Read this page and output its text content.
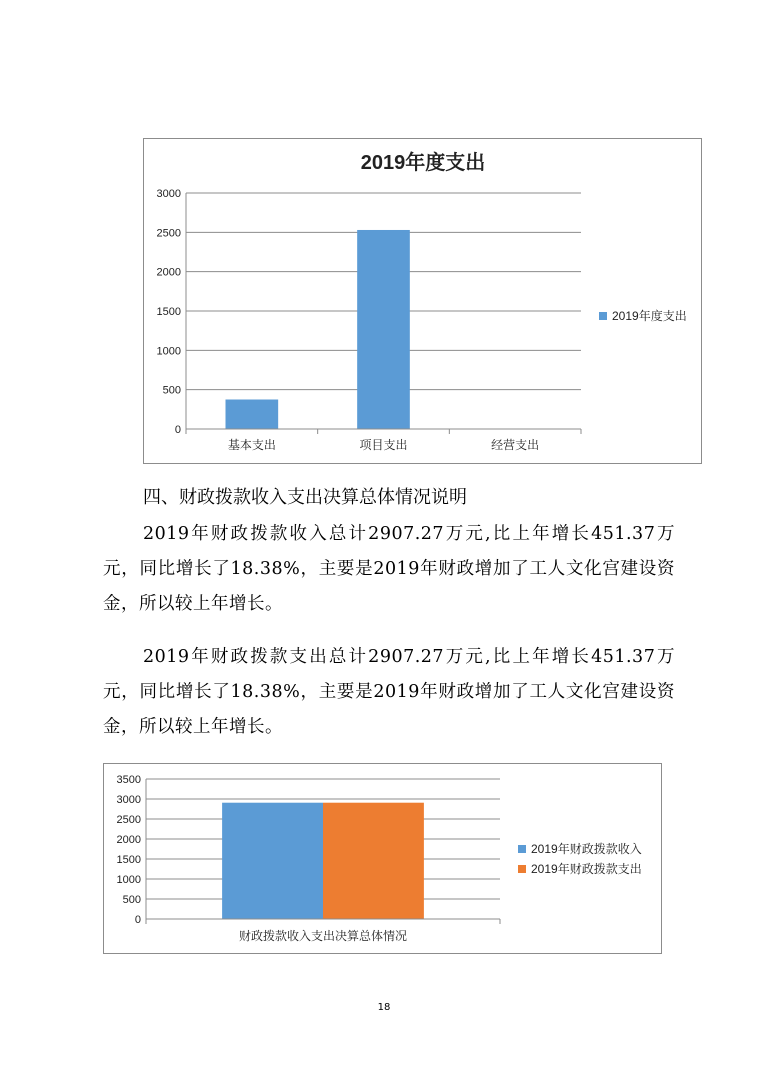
2019年度支出
0
500
1000
1500
2000
2500
3000
基本支出	项目支出	经营支出
2019年度支出
四、财政拨款收入支出决算总体情况说明

2019年财政拨款收入总计2907.27万元,比上年增长451.37万元，同比增长了18.38%，主要是2019年财政增加了工人文化宫建设资金，所以较上年增长。

2019年财政拨款支出总计2907.27万元,比上年增长451.37万元，同比增长了18.38%，主要是2019年财政增加了工人文化宫建设资金，所以较上年增长。

0
500
1000
1500
2000
2500
3000
3500
财政拨款收入支出决算总体情况
2019年财政拨款收入
2019年财政拨款支出
18
